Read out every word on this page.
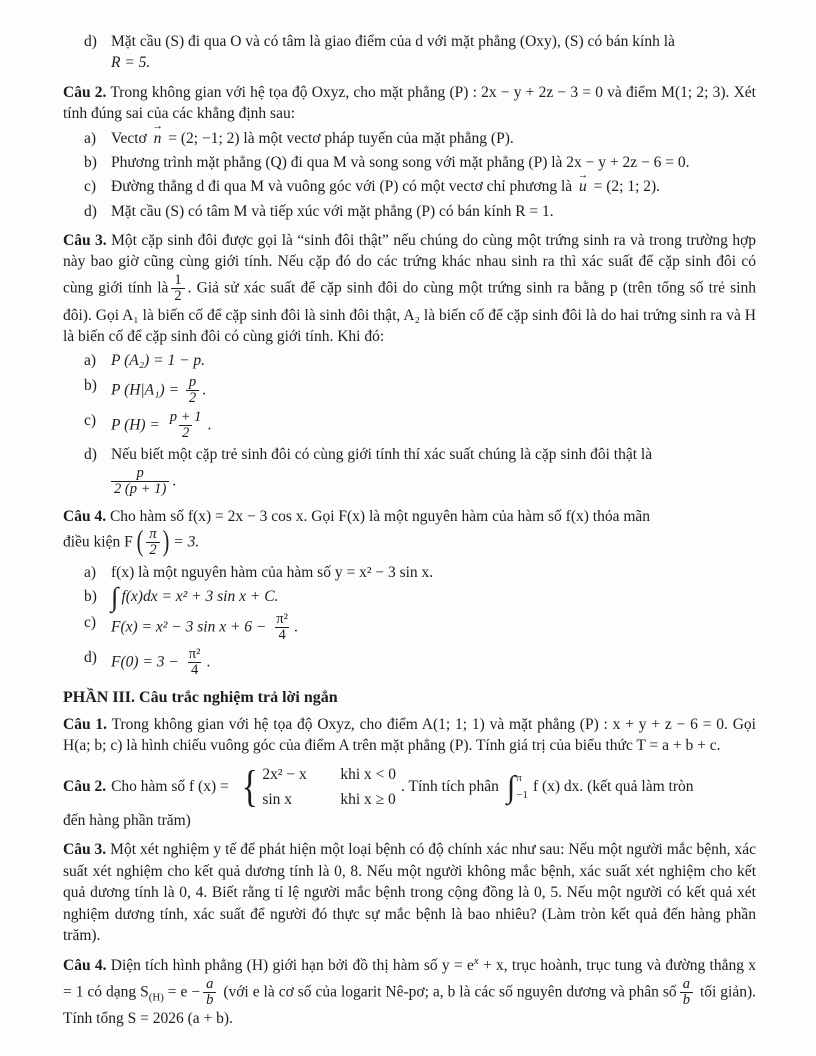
d) Mặt cầu (S) đi qua O và có tâm là giao điểm của d với mặt phẳng (Oxy), (S) có bán kính là
R = 5.

Câu 2. Trong không gian với hệ tọa độ Oxyz, cho mặt phẳng (P) : 2x − y + 2z − 3 = 0 và điểm M(1; 2; 3). Xét tính đúng sai của các khẳng định sau:

a) Vectơ → n = (2; −1; 2) là một vectơ pháp tuyến của mặt phẳng (P).
b) Phương trình mặt phẳng (Q) đi qua M và song song với mặt phẳng (P) là 2x − y + 2z − 6 = 0.
c) Đường thẳng d đi qua M và vuông góc với (P) có một vectơ chỉ phương là → u = (2; 1; 2).
d) Mặt cầu (S) có tâm M và tiếp xúc với mặt phẳng (P) có bán kính R = 1.

Câu 3. Một cặp sinh đôi được gọi là “sinh đôi thật” nếu chúng do cùng một trứng sinh ra và trong trường hợp này bao giờ cũng cùng giới tính. Nếu cặp đó do các trứng khác nhau sinh ra thì xác suất để cặp sinh đôi có cùng giới tính là $\frac{1}{2}$ . Giả sử xác suất để cặp sinh đôi do cùng một trứng sinh ra bằng p (trên tổng số trẻ sinh đôi). Gọi A₁ là biến cố để cặp sinh đôi là sinh đôi thật, A₂ là biến cố để cặp sinh đôi là do hai trứng sinh ra và H là biến cố để cặp sinh đôi có cùng giới tính. Khi đó:

a) P (A₂) = 1 − p.
b) P $(H|A_1) = \frac{p}{2}$ .
c) P $(H) = \frac{p + 1}{2}$ .
d) Nếu biết một cặp trẻ sinh đôi có cùng giới tính thí xác suất chúng là cặp sinh đôi thật là
$\frac{p}{2 (p + 1)}$ .

Câu 4. Cho hàm số f(x) = 2x − 3 cos x. Gọi F(x) là một nguyên hàm của hàm số f(x) thỏa mãn

điều kiện F ( $\frac{\pi}{2}$ ) = 3.

a) f(x) là một nguyên hàm của hàm số y = x² − 3 sin x.
b) ∫ f(x)dx = x² + 3 sin x + C.
c) F(x) = x² − 3 $\sin x + 6 - \frac{\text{π²}}{4}$ .
d) $F(0) = 3 - \frac{\text{π²}}{4}$ .
PHẦN III. Câu trắc nghiệm trả lời ngắn

Câu 1. Trong không gian với hệ tọa độ Oxyz, cho điểm A(1; 1; 1) và mặt phẳng (P) : x + y + z − 6 = 0. Gọi H(a; b; c) là hình chiếu vuông góc của điểm A trên mặt phẳng (P). Tính giá trị của biểu thức T = a + b + c.

Câu 2. Cho hàm số f (x) = { 2x² − x	khi x < 0
sin x	khi x ≥ 0
. Tính tích phân ∫ π
−1 f (x) dx. (kết quả làm tròn

đến hàng phần trăm)

Câu 3. Một xét nghiệm y tế để phát hiện một loại bệnh có độ chính xác như sau: Nếu một người mắc bệnh, xác suất xét nghiệm cho kết quả dương tính là 0, 8. Nếu một người không mắc bệnh, xác suất xét nghiệm cho kết quả dương tính là 0, 4. Biết rằng tỉ lệ người mắc bệnh trong cộng đồng là 0, 5. Nếu một người có kết quả xét nghiệm dương tính, xác suất để người đó thực sự mắc bệnh là bao nhiêu? (Làm tròn kết quả đến hàng phần trăm).

Câu 4. Diện tích hình phẳng (H) giới hạn bởi đồ thị hàm số $y = e^x + x$, trục hoành, trục tung và đường thẳng x = 1 có dạng $S_{(H)} = e - \frac{a}{b}$ (với e là cơ số của logarit Nê-pơ; a, b là các số nguyên dương và phân số $\frac{a}{b}$ tối giản). Tính tổng S = 2026 (a + b).
